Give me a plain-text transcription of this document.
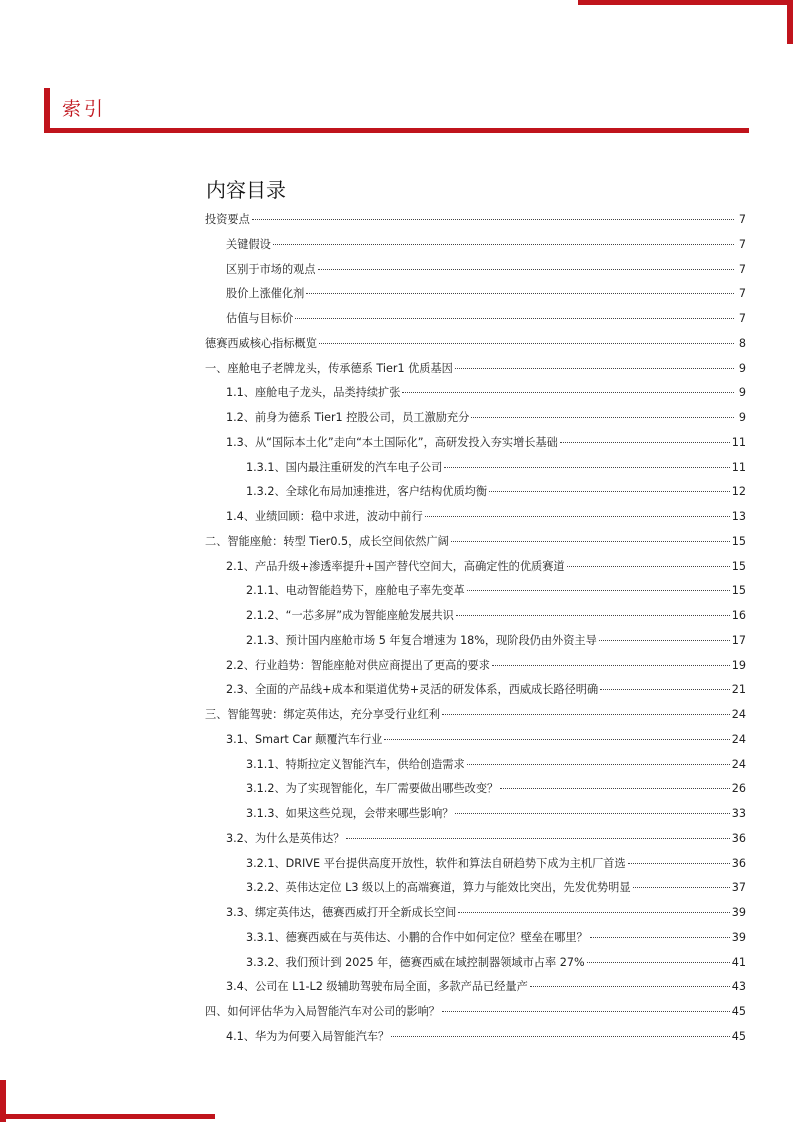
索引
内容目录
投资要点	7
关键假设	7
区别于市场的观点	7
股价上涨催化剂	7
估值与目标价	7
德赛西威核心指标概览	8
一、座舱电子老牌龙头，传承德系 Tier1 优质基因	9
1.1、座舱电子龙头，品类持续扩张	9
1.2、前身为德系 Tier1 控股公司，员工激励充分	9
1.3、从“国际本土化”走向“本土国际化”，高研发投入夯实增长基础	11
1.3.1、国内最注重研发的汽车电子公司	11
1.3.2、全球化布局加速推进，客户结构优质均衡	12
1.4、业绩回顾：稳中求进，波动中前行	13
二、智能座舱：转型 Tier0.5，成长空间依然广阔	15
2.1、产品升级+渗透率提升+国产替代空间大，高确定性的优质赛道	15
2.1.1、电动智能趋势下，座舱电子率先变革	15
2.1.2、“一芯多屏”成为智能座舱发展共识	16
2.1.3、预计国内座舱市场 5 年复合增速为 18%，现阶段仍由外资主导	17
2.2、行业趋势：智能座舱对供应商提出了更高的要求	19
2.3、全面的产品线+成本和渠道优势+灵活的研发体系，西威成长路径明确	21
三、智能驾驶：绑定英伟达，充分享受行业红利	24
3.1、Smart Car 颠覆汽车行业	24
3.1.1、特斯拉定义智能汽车，供给创造需求	24
3.1.2、为了实现智能化，车厂需要做出哪些改变？	26
3.1.3、如果这些兑现，会带来哪些影响？	33
3.2、为什么是英伟达？	36
3.2.1、DRIVE 平台提供高度开放性，软件和算法自研趋势下成为主机厂首选	36
3.2.2、英伟达定位 L3 级以上的高端赛道，算力与能效比突出，先发优势明显	37
3.3、绑定英伟达，德赛西威打开全新成长空间	39
3.3.1、德赛西威在与英伟达、小鹏的合作中如何定位？壁垒在哪里？	39
3.3.2、我们预计到 2025 年，德赛西威在域控制器领域市占率 27%	41
3.4、公司在 L1-L2 级辅助驾驶布局全面，多款产品已经量产	43
四、如何评估华为入局智能汽车对公司的影响？	45
4.1、华为为何要入局智能汽车？	45
